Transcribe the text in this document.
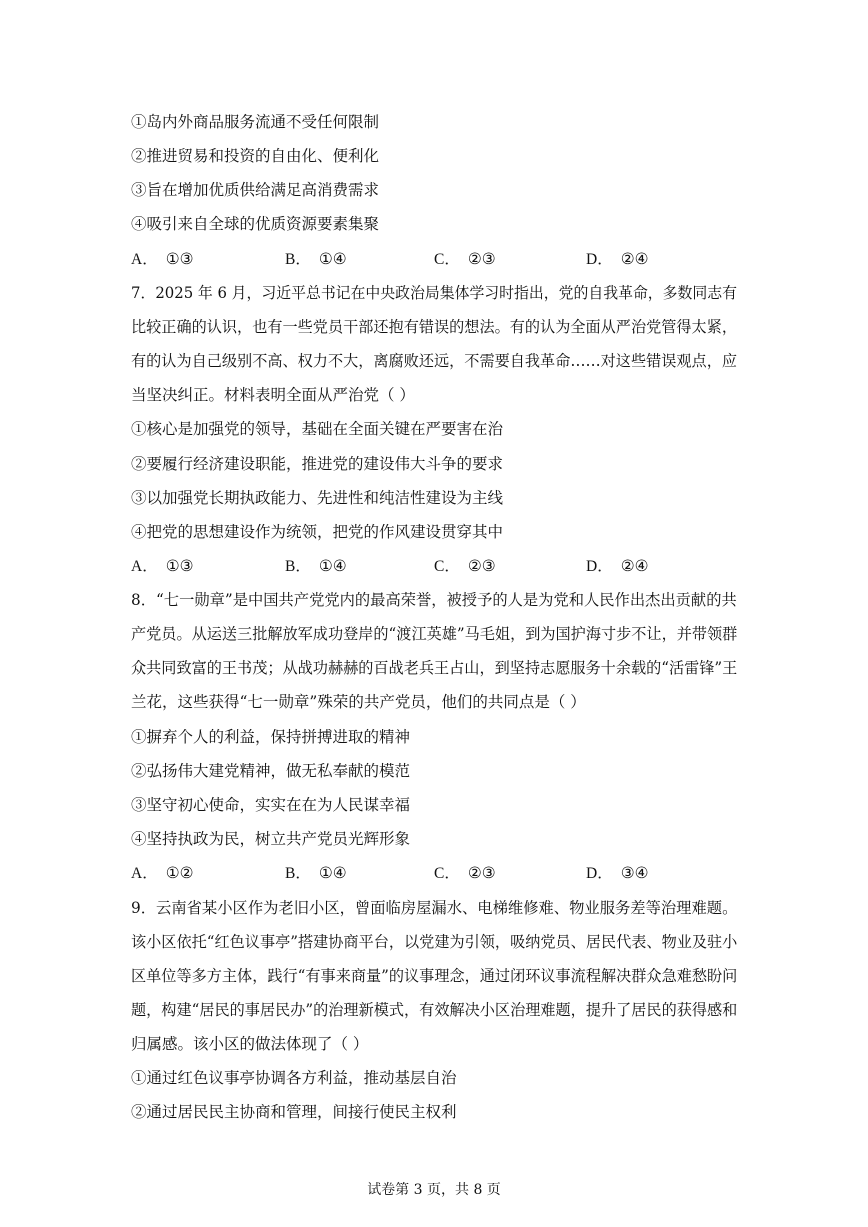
①岛内外商品服务流通不受任何限制
②推进贸易和投资的自由化、便利化
③旨在增加优质供给满足高消费需求
④吸引来自全球的优质资源要素集聚
A． ①③	B． ①④	C． ②③	D． ②④
7．2025 年 6 月，习近平总书记在中央政治局集体学习时指出，党的自我革命，多数同志有
比较正确的认识，也有一些党员干部还抱有错误的想法。有的认为全面从严治党管得太紧，
有的认为自己级别不高、权力不大，离腐败还远，不需要自我革命……对这些错误观点，应
当坚决纠正。材料表明全面从严治党（ ）
①核心是加强党的领导，基础在全面关键在严要害在治
②要履行经济建设职能，推进党的建设伟大斗争的要求
③以加强党长期执政能力、先进性和纯洁性建设为主线
④把党的思想建设作为统领，把党的作风建设贯穿其中
A． ①③	B． ①④	C． ②③	D． ②④
8．“七一勋章”是中国共产党党内的最高荣誉，被授予的人是为党和人民作出杰出贡献的共
产党员。从运送三批解放军成功登岸的“渡江英雄”马毛姐，到为国护海寸步不让，并带领群
众共同致富的王书茂；从战功赫赫的百战老兵王占山，到坚持志愿服务十余载的“活雷锋”王
兰花，这些获得“七一勋章”殊荣的共产党员，他们的共同点是（ ）
①摒弃个人的利益，保持拼搏进取的精神
②弘扬伟大建党精神，做无私奉献的模范
③坚守初心使命，实实在在为人民谋幸福
④坚持执政为民，树立共产党员光辉形象
A． ①②	B． ①④	C． ②③	D． ③④
9．云南省某小区作为老旧小区，曾面临房屋漏水、电梯维修难、物业服务差等治理难题。
该小区依托“红色议事亭”搭建协商平台，以党建为引领，吸纳党员、居民代表、物业及驻小
区单位等多方主体，践行“有事来商量”的议事理念，通过闭环议事流程解决群众急难愁盼问
题，构建“居民的事居民办”的治理新模式，有效解决小区治理难题，提升了居民的获得感和
归属感。该小区的做法体现了（ ）
①通过红色议事亭协调各方利益，推动基层自治
②通过居民民主协商和管理，间接行使民主权利
试卷第 3 页，共 8 页
